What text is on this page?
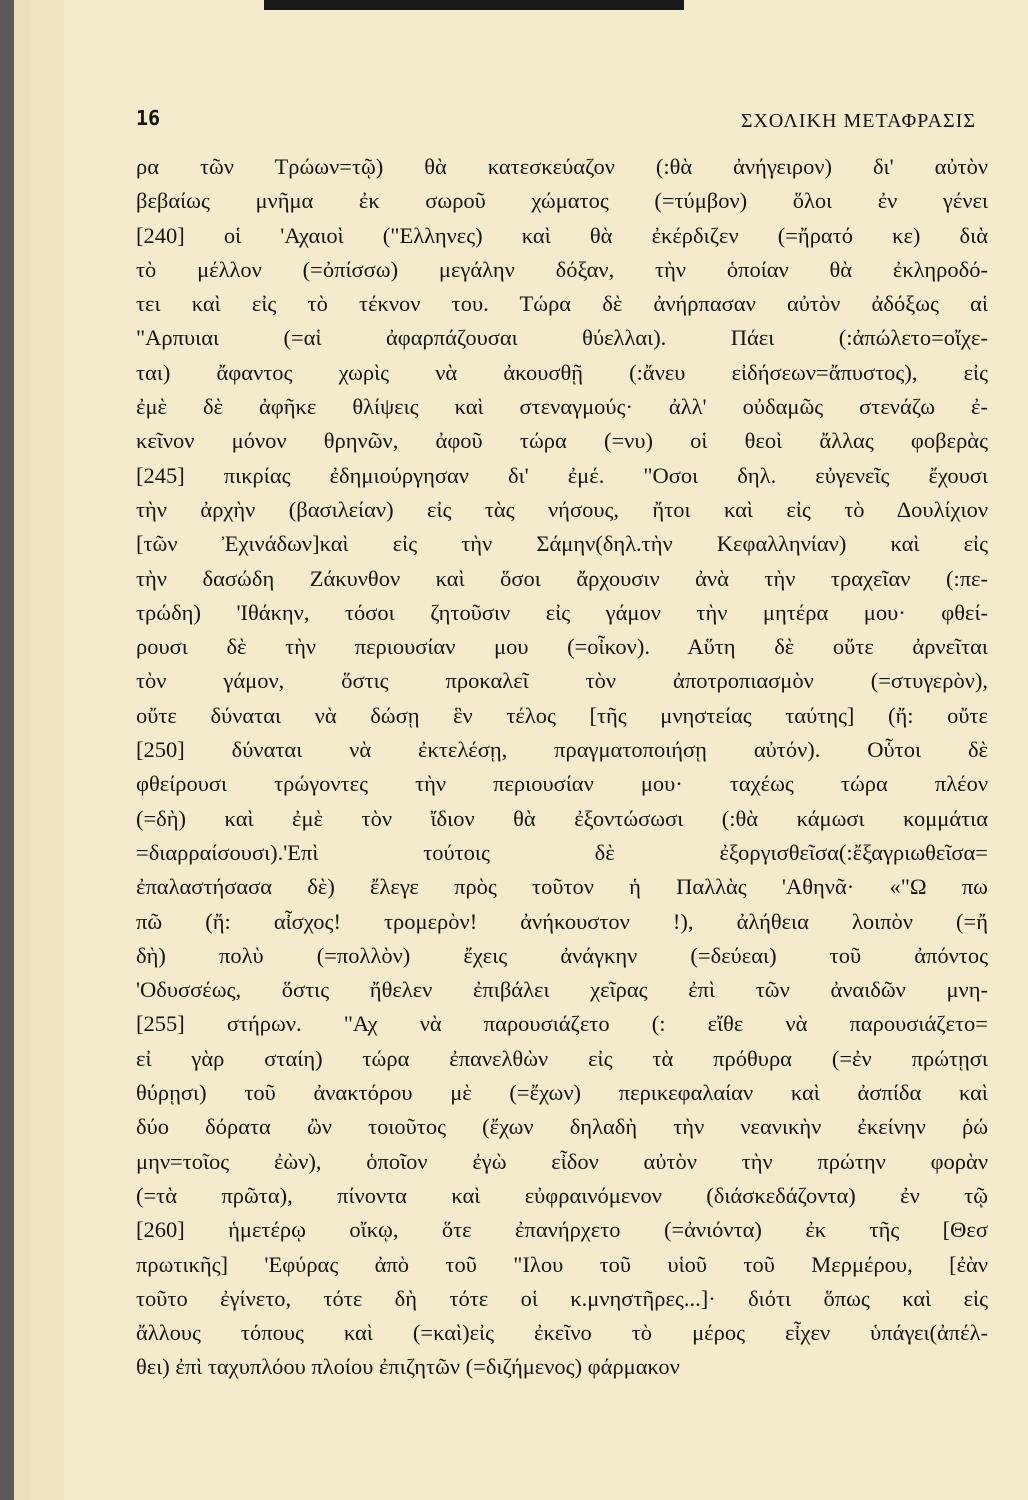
16	ΣΧΟΛΙΚΗ ΜΕΤΑΦΡΑΣΙΣ
ρα τῶν Τρώων=τῷ) θὰ κατεσκεύαζον (:θὰ ἀνήγειρον) δι' αὐτὸν
βεβαίως μνῆμα ἐκ σωροῦ χώματος (=τύμβον) ὅλοι ἐν γένει
[240] οἱ 'Αχαιοὶ ("Ελληνες) καὶ θὰ ἐκέρδιζεν (=ἤρατό κε) διὰ
τὸ μέλλον (=ὀπίσσω) μεγάλην δόξαν, τὴν ὁποίαν θὰ ἐκληροδό-
τει καὶ εἰς τὸ τέκνον του. Τώρα δὲ ἀνήρπασαν αὐτὸν ἀδόξως αἱ
"Αρπυιαι (=αἱ ἀφαρπάζουσαι θύελλαι). Πάει (:ἀπώλετο=οἴχε-
ται) ἄφαντος χωρὶς νὰ ἀκουσθῇ (:ἄνευ εἰδήσεων=ἄπυστος), εἰς
ἐμὲ δὲ ἀφῆκε θλίψεις καὶ στεναγμούς· ἀλλ' οὐδαμῶς στενάζω ἐ-
κεῖνον μόνον θρηνῶν, ἀφοῦ τώρα (=νυ) οἱ θεοὶ ἄλλας φοβερὰς
[245] πικρίας ἐδημιούργησαν δι' ἐμέ. "Οσοι δηλ. εὐγενεῖς ἔχουσι
τὴν ἀρχὴν (βασιλείαν) εἰς τὰς νήσους, ἤτοι καὶ εἰς τὸ Δουλίχιον
[τῶν Ἐχινάδων]καὶ εἰς τὴν Σάμην(δηλ.τὴν Κεφαλληνίαν) καὶ εἰς
τὴν δασώδη Ζάκυνθον καὶ ὅσοι ἄρχουσιν ἀνὰ τὴν τραχεῖαν (:πε-
τρώδη) 'Ιθάκην, τόσοι ζητοῦσιν εἰς γάμον τὴν μητέρα μου· φθεί-
ρουσι δὲ τὴν περιουσίαν μου (=οἶκον). Αὕτη δὲ οὔτε ἀρνεῖται
τὸν γάμον, ὅστις προκαλεῖ τὸν ἀποτροπιασμὸν (=στυγερὸν),
οὔτε δύναται νὰ δώσῃ ἓν τέλος [τῆς μνηστείας ταύτης] (ἤ: οὔτε
[250] δύναται νὰ ἐκτελέσῃ, πραγματοποιήσῃ αὐτόν). Οὗτοι δὲ
φθείρουσι τρώγοντες τὴν περιουσίαν μου· ταχέως τώρα πλέον
(=δὴ) καὶ ἐμὲ τὸν ἴδιον θὰ ἐξοντώσωσι (:θὰ κάμωσι κομμάτια
=διαρραίσουσι).'Επὶ τούτοις δὲ ἐξοργισθεῖσα(:ἔξαγριωθεῖσα=
ἐπαλαστήσασα δὲ) ἔλεγε πρὸς τοῦτον ἡ Παλλὰς 'Αθηνᾶ· «"Ω πω
πῶ (ἤ: αἶσχος! τρομερὸν! ἀνήκουστον !), ἀλήθεια λοιπὸν (=ἤ
δὴ) πολὺ (=πολλὸν) ἔχεις ἀνάγκην (=δεύεαι) τοῦ ἀπόντος
'Οδυσσέως, ὅστις ἤθελεν ἐπιβάλει χεῖρας ἐπὶ τῶν ἀναιδῶν μνη-
[255] στήρων. "Αχ νὰ παρουσιάζετο (: εἴθε νὰ παρουσιάζετο=
εἰ γὰρ σταίη) τώρα ἐπανελθὼν εἰς τὰ πρόθυρα (=ἐν πρώτῃσι
θύρῃσι) τοῦ ἀνακτόρου μὲ (=ἔχων) περικεφαλαίαν καὶ ἀσπίδα καὶ
δύο δόρατα ὢν τοιοῦτος (ἔχων δηλαδὴ τὴν νεανικὴν ἐκείνην ῥώ
μην=τοῖος ἐὼν), ὁποῖον ἐγὼ εἶδον αὐτὸν τὴν πρώτην φορὰν
(=τὰ πρῶτα), πίνοντα καὶ εὐφραινόμενον (διάσκεδάζοντα) ἐν τῷ
[260] ἡμετέρῳ οἴκῳ, ὅτε ἐπανήρχετο (=ἀνιόντα) ἐκ τῆς [Θεσ
πρωτικῆς] 'Εφύρας ἀπὸ τοῦ "Ιλου τοῦ υἱοῦ τοῦ Μερμέρου, [ἐὰν
τοῦτο ἐγίνετο, τότε δὴ τότε οἱ κ.μνηστῆρες...]· διότι ὅπως καὶ εἰς
ἄλλους τόπους καὶ (=καὶ)εἰς ἐκεῖνο τὸ μέρος εἶχεν ὑπάγει(ἀπέλ-
θει) ἐπὶ ταχυπλόου πλοίου ἐπιζητῶν (=διζήμενος) φάρμακον
